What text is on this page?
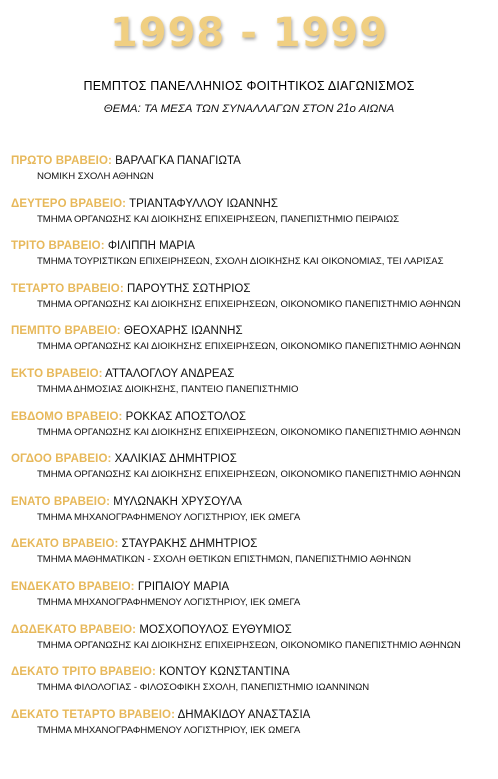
1998 - 1999
ΠΕΜΠΤΟΣ ΠΑΝΕΛΛΗΝΙΟΣ ΦΟΙΤΗΤΙΚΟΣ ΔΙΑΓΩΝΙΣΜΟΣ
ΘΕΜΑ: ΤΑ ΜΕΣΑ ΤΩΝ ΣΥΝΑΛΛΑΓΩΝ ΣΤΟΝ 21ο ΑΙΩΝΑ
ΠΡΩΤΟ ΒΡΑΒΕΙΟ: ΒΑΡΛΑΓΚΑ ΠΑΝΑΓΙΩΤΑ
ΝΟΜΙΚΗ ΣΧΟΛΗ ΑΘΗΝΩΝ
ΔΕΥΤΕΡΟ ΒΡΑΒΕΙΟ: ΤΡΙΑΝΤΑΦΥΛΛΟΥ ΙΩΑΝΝΗΣ
ΤΜΗΜΑ ΟΡΓΑΝΩΣΗΣ ΚΑΙ ΔΙΟΙΚΗΣΗΣ ΕΠΙΧΕΙΡΗΣΕΩΝ, ΠΑΝΕΠΙΣΤΗΜΙΟ ΠΕΙΡΑΙΩΣ
ΤΡΙΤΟ ΒΡΑΒΕΙΟ: ΦΙΛΙΠΠΗ ΜΑΡΙΑ
ΤΜΗΜΑ ΤΟΥΡΙΣΤΙΚΩΝ ΕΠΙΧΕΙΡΗΣΕΩΝ, ΣΧΟΛΗ ΔΙΟΙΚΗΣΗΣ ΚΑΙ ΟΙΚΟΝΟΜΙΑΣ, ΤΕΙ ΛΑΡΙΣΑΣ
ΤΕΤΑΡΤΟ ΒΡΑΒΕΙΟ: ΠΑΡΟΥΤΗΣ ΣΩΤΗΡΙΟΣ
ΤΜΗΜΑ ΟΡΓΑΝΩΣΗΣ ΚΑΙ ΔΙΟΙΚΗΣΗΣ ΕΠΙΧΕΙΡΗΣΕΩΝ, ΟΙΚΟΝΟΜΙΚΟ ΠΑΝΕΠΙΣΤΗΜΙΟ ΑΘΗΝΩΝ
ΠΕΜΠΤΟ ΒΡΑΒΕΙΟ: ΘΕΟΧΑΡΗΣ ΙΩΑΝΝΗΣ
ΤΜΗΜΑ ΟΡΓΑΝΩΣΗΣ ΚΑΙ ΔΙΟΙΚΗΣΗΣ ΕΠΙΧΕΙΡΗΣΕΩΝ, ΟΙΚΟΝΟΜΙΚΟ ΠΑΝΕΠΙΣΤΗΜΙΟ ΑΘΗΝΩΝ
ΕΚΤΟ ΒΡΑΒΕΙΟ: ΑΤΤΑΛΟΓΛΟΥ ΑΝΔΡΕΑΣ
ΤΜΗΜΑ ΔΗΜΟΣΙΑΣ ΔΙΟΙΚΗΣΗΣ, ΠΑΝΤΕΙΟ ΠΑΝΕΠΙΣΤΗΜΙΟ
ΕΒΔΟΜΟ ΒΡΑΒΕΙΟ: ΡΟΚΚΑΣ ΑΠΟΣΤΟΛΟΣ
ΤΜΗΜΑ ΟΡΓΑΝΩΣΗΣ ΚΑΙ ΔΙΟΙΚΗΣΗΣ ΕΠΙΧΕΙΡΗΣΕΩΝ, ΟΙΚΟΝΟΜΙΚΟ ΠΑΝΕΠΙΣΤΗΜΙΟ ΑΘΗΝΩΝ
ΟΓΔΟΟ ΒΡΑΒΕΙΟ: ΧΑΛΙΚΙΑΣ ΔΗΜΗΤΡΙΟΣ
ΤΜΗΜΑ ΟΡΓΑΝΩΣΗΣ ΚΑΙ ΔΙΟΙΚΗΣΗΣ ΕΠΙΧΕΙΡΗΣΕΩΝ, ΟΙΚΟΝΟΜΙΚΟ ΠΑΝΕΠΙΣΤΗΜΙΟ ΑΘΗΝΩΝ
ΕΝΑΤΟ ΒΡΑΒΕΙΟ: ΜΥΛΩΝΑΚΗ ΧΡΥΣΟΥΛΑ
ΤΜΗΜΑ ΜΗΧΑΝΟΓΡΑΦΗΜΕΝΟΥ ΛΟΓΙΣΤΗΡΙΟΥ, ΙΕΚ ΩΜΕΓΑ
ΔΕΚΑΤΟ ΒΡΑΒΕΙΟ: ΣΤΑΥΡΑΚΗΣ ΔΗΜΗΤΡΙΟΣ
ΤΜΗΜΑ ΜΑΘΗΜΑΤΙΚΩΝ - ΣΧΟΛΗ ΘΕΤΙΚΩΝ ΕΠΙΣΤΗΜΩΝ, ΠΑΝΕΠΙΣΤΗΜΙΟ ΑΘΗΝΩΝ
ΕΝΔΕΚΑΤΟ ΒΡΑΒΕΙΟ: ΓΡΙΠΑΙΟΥ ΜΑΡΙΑ
ΤΜΗΜΑ ΜΗΧΑΝΟΓΡΑΦΗΜΕΝΟΥ ΛΟΓΙΣΤΗΡΙΟΥ, ΙΕΚ ΩΜΕΓΑ
ΔΩΔΕΚΑΤΟ ΒΡΑΒΕΙΟ: ΜΟΣΧΟΠΟΥΛΟΣ ΕΥΘΥΜΙΟΣ
ΤΜΗΜΑ ΟΡΓΑΝΩΣΗΣ ΚΑΙ ΔΙΟΙΚΗΣΗΣ ΕΠΙΧΕΙΡΗΣΕΩΝ, ΟΙΚΟΝΟΜΙΚΟ ΠΑΝΕΠΙΣΤΗΜΙΟ ΑΘΗΝΩΝ
ΔΕΚΑΤΟ ΤΡΙΤΟ ΒΡΑΒΕΙΟ: ΚΟΝΤΟΥ ΚΩΝΣΤΑΝΤΙΝΑ
ΤΜΗΜΑ ΦΙΛΟΛΟΓΙΑΣ - ΦΙΛΟΣΟΦΙΚΗ ΣΧΟΛΗ, ΠΑΝΕΠΙΣΤΗΜΙΟ ΙΩΑΝΝΙΝΩΝ
ΔΕΚΑΤΟ ΤΕΤΑΡΤΟ ΒΡΑΒΕΙΟ: ΔΗΜΑΚΙΔΟΥ ΑΝΑΣΤΑΣΙΑ
ΤΜΗΜΑ ΜΗΧΑΝΟΓΡΑΦΗΜΕΝΟΥ ΛΟΓΙΣΤΗΡΙΟΥ, ΙΕΚ ΩΜΕΓΑ
